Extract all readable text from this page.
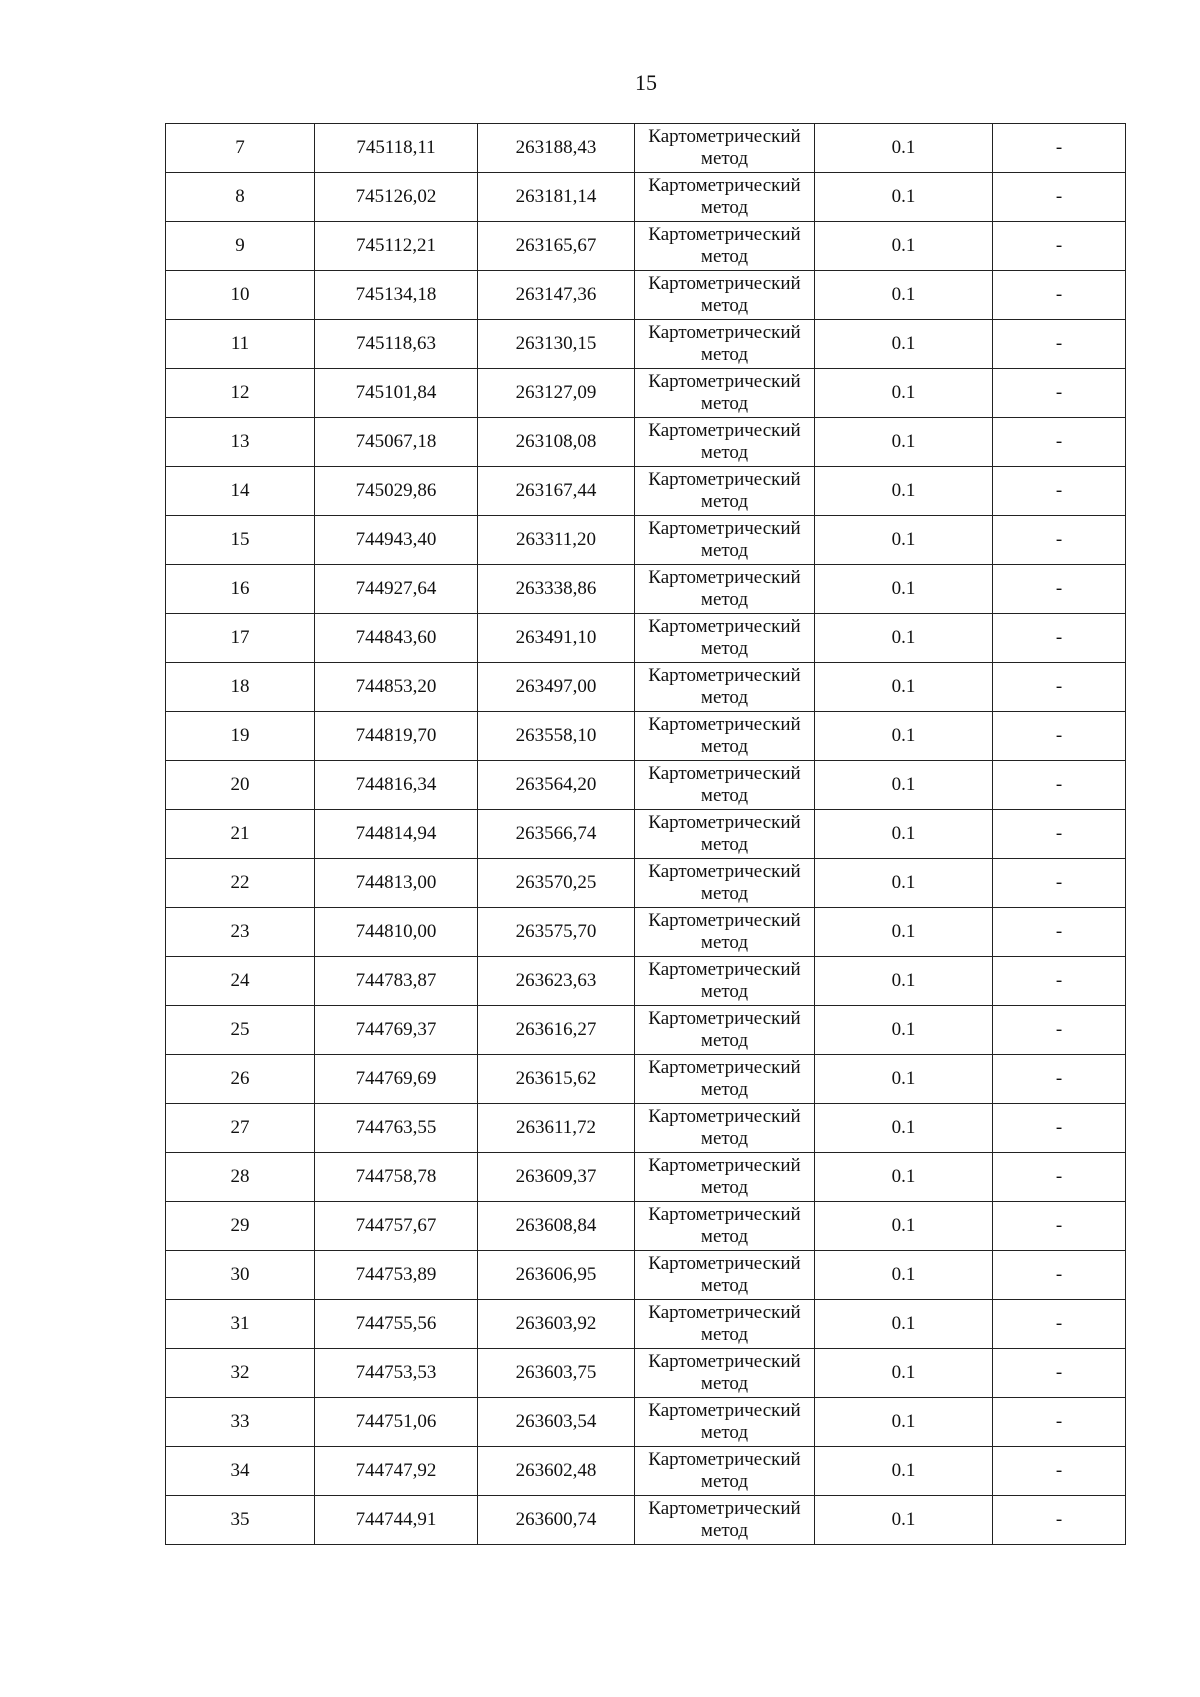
15
7	745118,11	263188,43	Картометрический
метод	0.1	-

8	745126,02	263181,14	Картометрический
метод	0.1	-

9	745112,21	263165,67	Картометрический
метод	0.1	-

10	745134,18	263147,36	Картометрический
метод	0.1	-

11	745118,63	263130,15	Картометрический
метод	0.1	-

12	745101,84	263127,09	Картометрический
метод	0.1	-

13	745067,18	263108,08	Картометрический
метод	0.1	-

14	745029,86	263167,44	Картометрический
метод	0.1	-

15	744943,40	263311,20	Картометрический
метод	0.1	-

16	744927,64	263338,86	Картометрический
метод	0.1	-

17	744843,60	263491,10	Картометрический
метод	0.1	-

18	744853,20	263497,00	Картометрический
метод	0.1	-

19	744819,70	263558,10	Картометрический
метод	0.1	-

20	744816,34	263564,20	Картометрический
метод	0.1	-

21	744814,94	263566,74	Картометрический
метод	0.1	-

22	744813,00	263570,25	Картометрический
метод	0.1	-

23	744810,00	263575,70	Картометрический
метод	0.1	-

24	744783,87	263623,63	Картометрический
метод	0.1	-

25	744769,37	263616,27	Картометрический
метод	0.1	-

26	744769,69	263615,62	Картометрический
метод	0.1	-

27	744763,55	263611,72	Картометрический
метод	0.1	-

28	744758,78	263609,37	Картометрический
метод	0.1	-

29	744757,67	263608,84	Картометрический
метод	0.1	-

30	744753,89	263606,95	Картометрический
метод	0.1	-

31	744755,56	263603,92	Картометрический
метод	0.1	-

32	744753,53	263603,75	Картометрический
метод	0.1	-

33	744751,06	263603,54	Картометрический
метод	0.1	-

34	744747,92	263602,48	Картометрический
метод	0.1	-

35	744744,91	263600,74	Картометрический
метод	0.1	-
